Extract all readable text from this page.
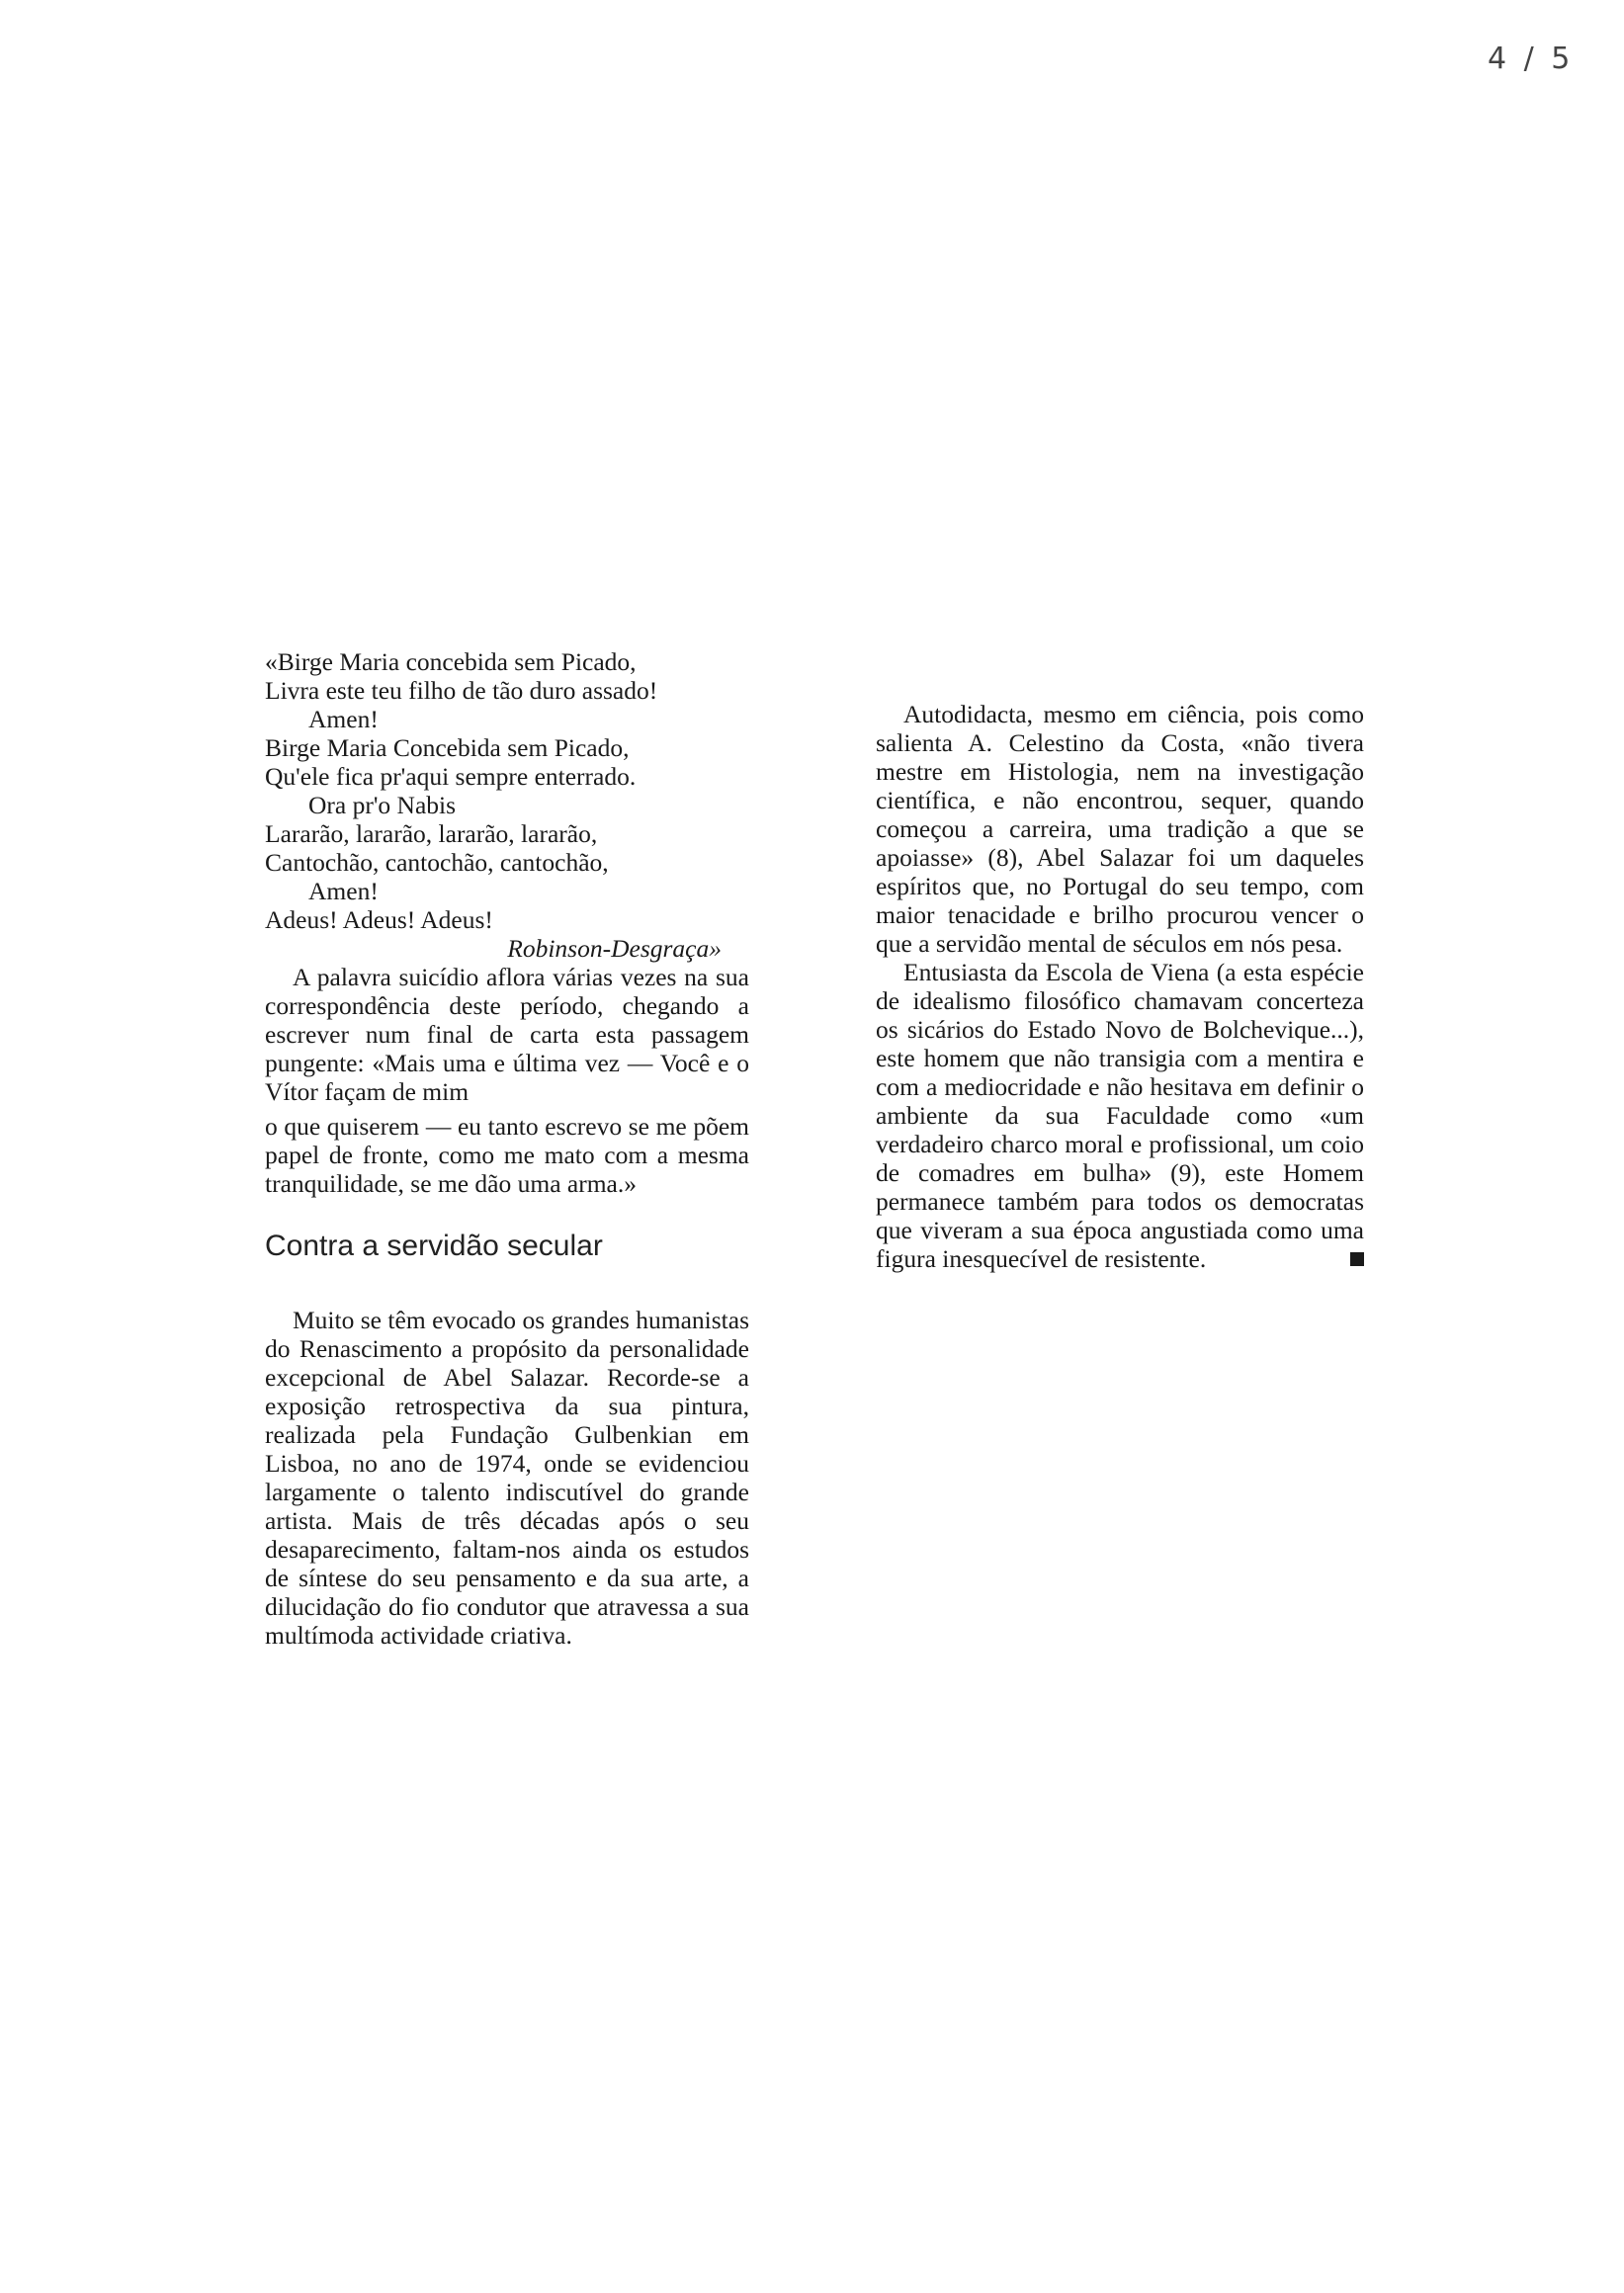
4 / 5
«Birge Maria concebida sem Picado,
Livra este teu filho de tão duro assado!
Amen!
Birge Maria Concebida sem Picado,
Qu'ele fica pr'aqui sempre enterrado.
Ora pr'o Nabis
Lararão, lararão, lararão, lararão,
Cantochão, cantochão, cantochão,
Amen!
Adeus! Adeus! Adeus!
Robinson-Desgraça»

A palavra suicídio aflora várias vezes na sua correspondência deste período, chegando a escrever num final de carta esta passagem pungente: «Mais uma e última vez — Você e o Vítor façam de mim

o que quiserem — eu tanto escrevo se me põem papel de fronte, como me mato com a mesma tranquilidade, se me dão uma arma.»

Contra a servidão secular

Muito se têm evocado os grandes humanistas do Renascimento a propósito da personalidade excepcional de Abel Salazar. Recorde-se a exposição retrospectiva da sua pintura, realizada pela Fundação Gulbenkian em Lisboa, no ano de 1974, onde se evidenciou largamente o talento indiscutível do grande artista. Mais de três décadas após o seu desaparecimento, faltam-nos ainda os estudos de síntese do seu pensamento e da sua arte, a dilucidação do fio condutor que atravessa a sua multímoda actividade criativa.

Autodidacta, mesmo em ciência, pois como salienta A. Celestino da Costa, «não tivera mestre em Histologia, nem na investigação científica, e não encontrou, sequer, quando começou a carreira, uma tradição a que se apoiasse» (8), Abel Salazar foi um daqueles espíritos que, no Portugal do seu tempo, com maior tenacidade e brilho procurou vencer o que a servidão mental de séculos em nós pesa.

Entusiasta da Escola de Viena (a esta espécie de idealismo filosófico chamavam concerteza os sicários do Estado Novo de Bolchevique...), este homem que não transigia com a mentira e com a mediocridade e não hesitava em definir o ambiente da sua Faculdade como «um verdadeiro charco moral e profissional, um coio de comadres em bulha» (9), este Homem permanece também para todos os democratas que viveram a sua época angustiada como uma figura inesquecível de resistente.
